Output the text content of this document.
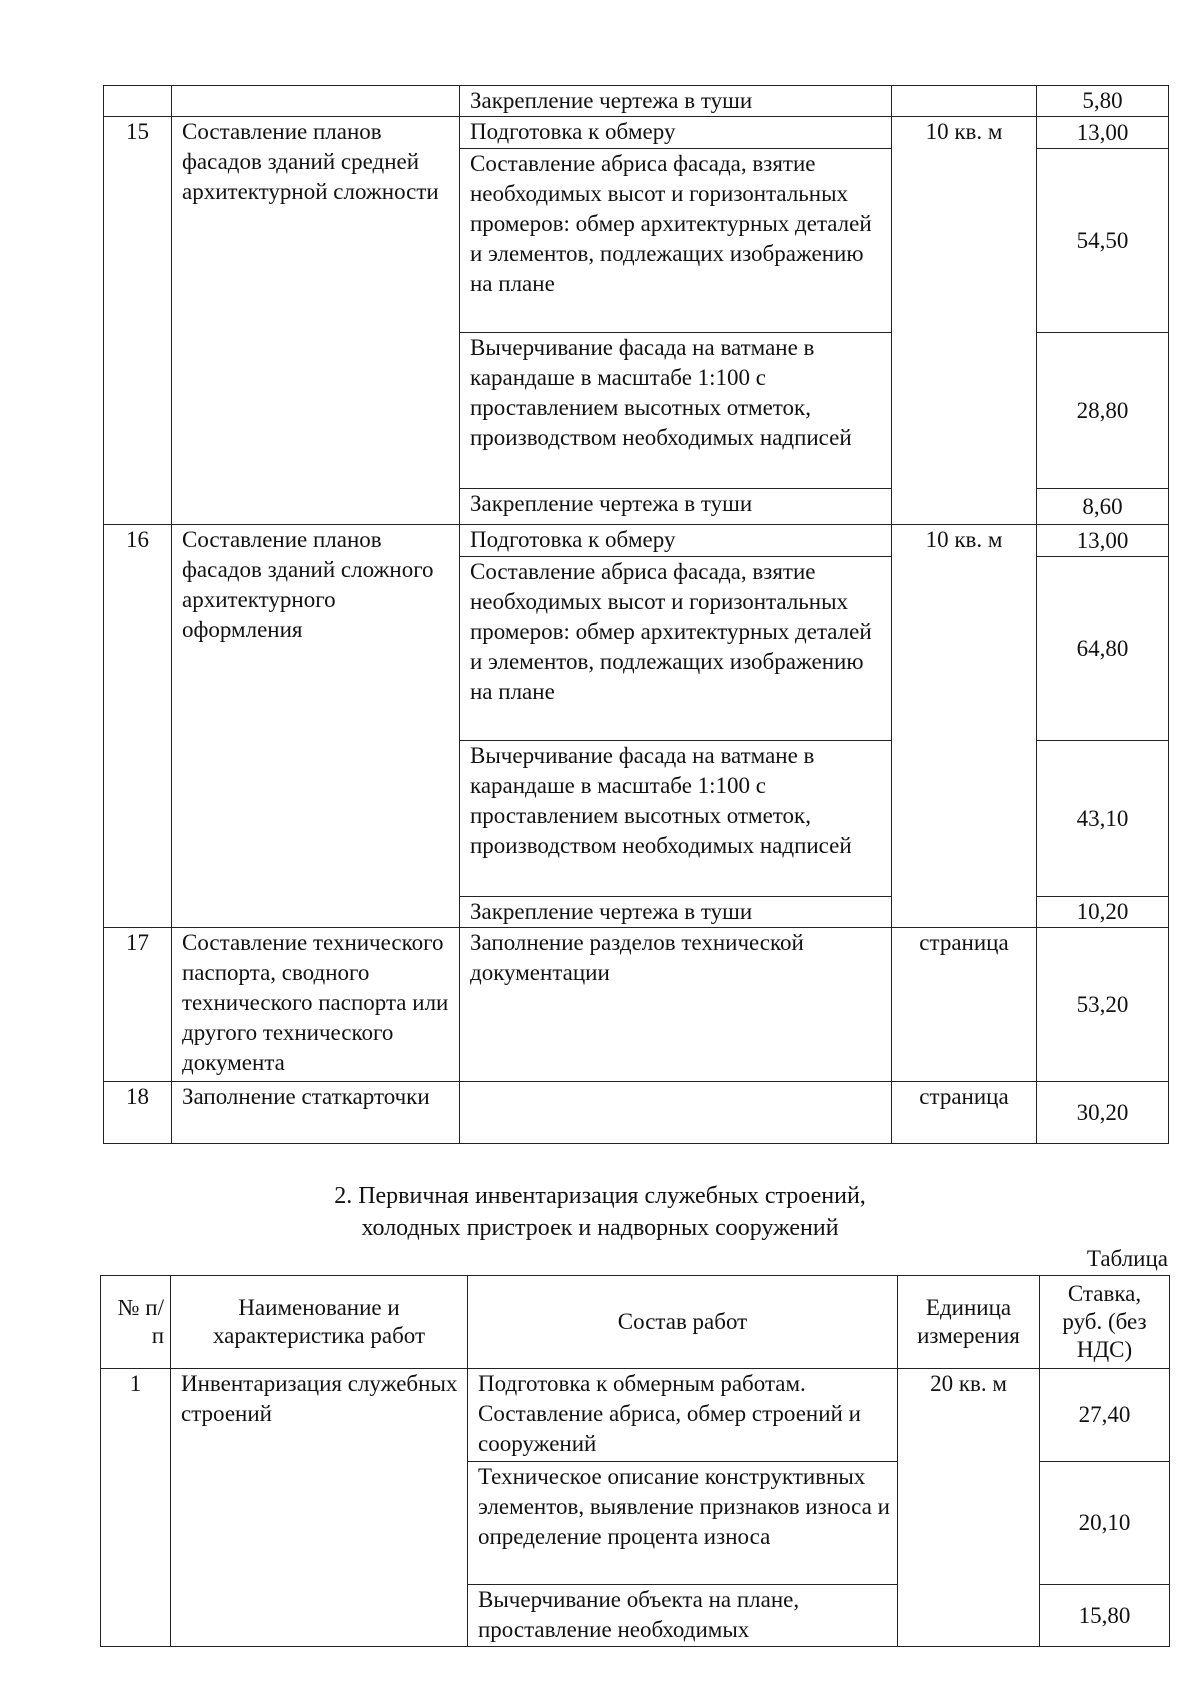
		Закрепление чертежа в туши		5,80
15	Составление планов фасадов зданий средней архитектурной сложности	Подготовка к обмеру	10 кв. м	13,00
		Составление абриса фасада, взятие необходимых высот и горизонтальных промеров: обмер архитектурных деталей и элементов, подлежащих изображению на плане		54,50
		Вычерчивание фасада на ватмане в карандаше в масштабе 1:100 с проставлением высотных отметок, производством необходимых надписей		28,80
		Закрепление чертежа в туши		8,60
16	Составление планов фасадов зданий сложного архитектурного оформления	Подготовка к обмеру	10 кв. м	13,00
		Составление абриса фасада, взятие необходимых высот и горизонтальных промеров: обмер архитектурных деталей и элементов, подлежащих изображению на плане		64,80
		Вычерчивание фасада на ватмане в карандаше в масштабе 1:100 с проставлением высотных отметок, производством необходимых надписей		43,10
		Закрепление чертежа в туши		10,20
17	Составление технического паспорта, сводного технического паспорта или другого технического документа	Заполнение разделов технической документации	страница	53,20
18	Заполнение статкарточки		страница	30,20
2. Первичная инвентаризация служебных строений,
холодных пристроек и надворных сооружений
Таблица
№ п/п	Наименование и характеристика работ	Состав работ	Единица измерения	Ставка, руб. (без НДС)
1	Инвентаризация служебных строений	Подготовка к обмерным работам. Составление абриса, обмер строений и сооружений	20 кв. м	27,40
		Техническое описание конструктивных элементов, выявление признаков износа и определение процента износа		20,10
		Вычерчивание объекта на плане, проставление необходимых		15,80
